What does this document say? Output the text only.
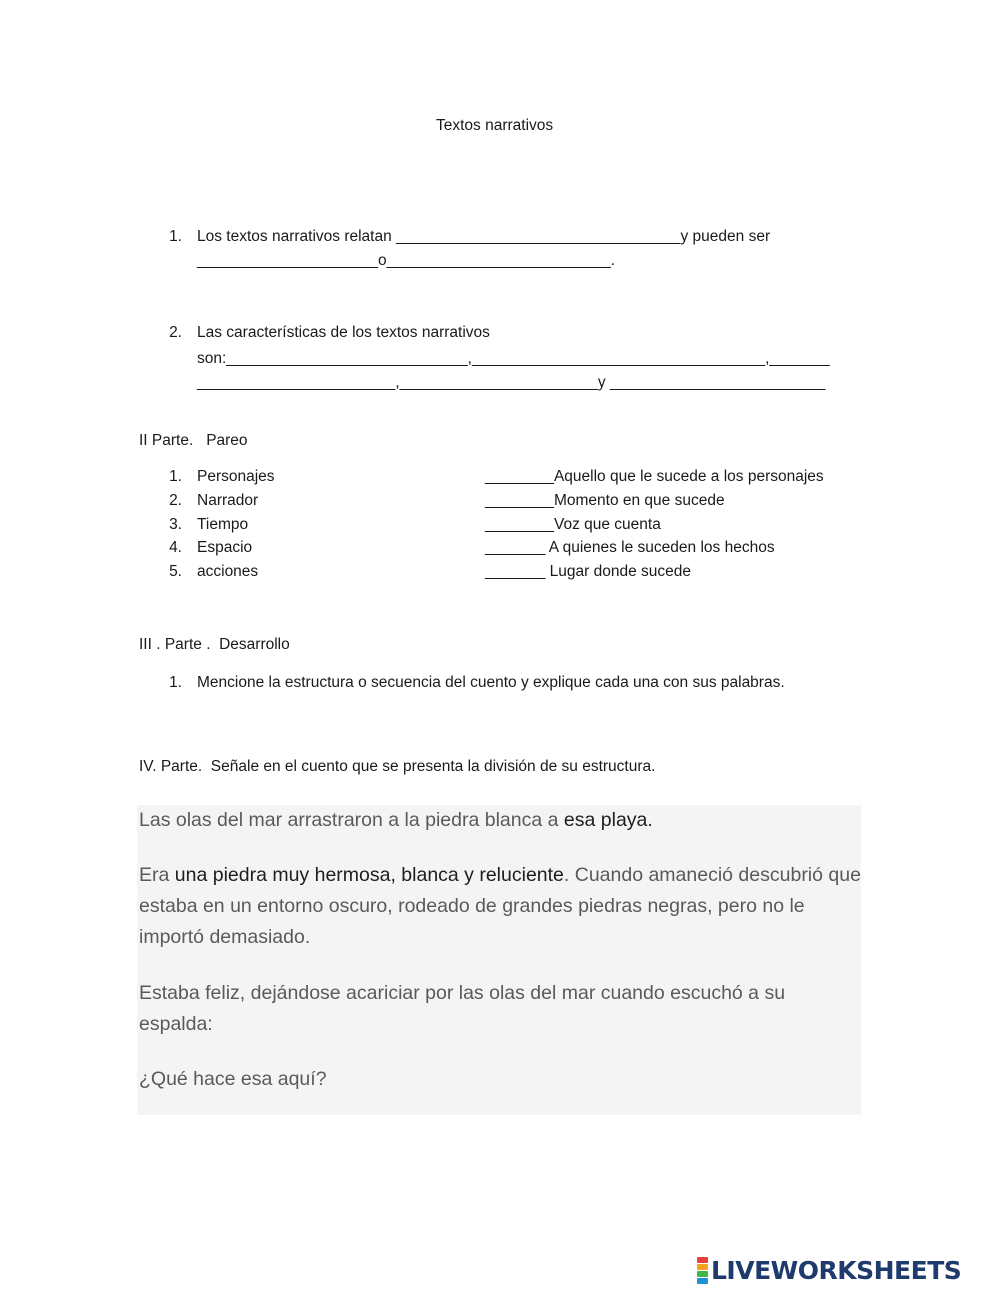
Textos narrativos
1. Los textos narrativos relatan _________________________________y pueden ser
_____________________o__________________________.
2. Las características de los textos narrativos
son:____________________________,__________________________________,_______
_______________________,_______________________y _________________________
II Parte.   Pareo
1. Personajes	________Aquello que le sucede a los personajes
2. Narrador	________Momento en que sucede
3. Tiempo	________Voz que cuenta
4. Espacio	_______ A quienes le suceden los hechos
5. acciones	_______ Lugar donde sucede
III . Parte .  Desarrollo
1. Mencione la estructura o secuencia del cuento y explique cada una con sus palabras.
IV. Parte.  Señale en el cuento que se presenta la división de su estructura.

Las olas del mar arrastraron a la piedra blanca a esa playa.

Era una piedra muy hermosa, blanca y reluciente. Cuando amaneció descubrió que estaba en un entorno oscuro, rodeado de grandes piedras negras, pero no le importó demasiado.

Estaba feliz, dejándose acariciar por las olas del mar cuando escuchó a su espalda:

¿Qué hace esa aquí?

LIVEWORKSHEETS
